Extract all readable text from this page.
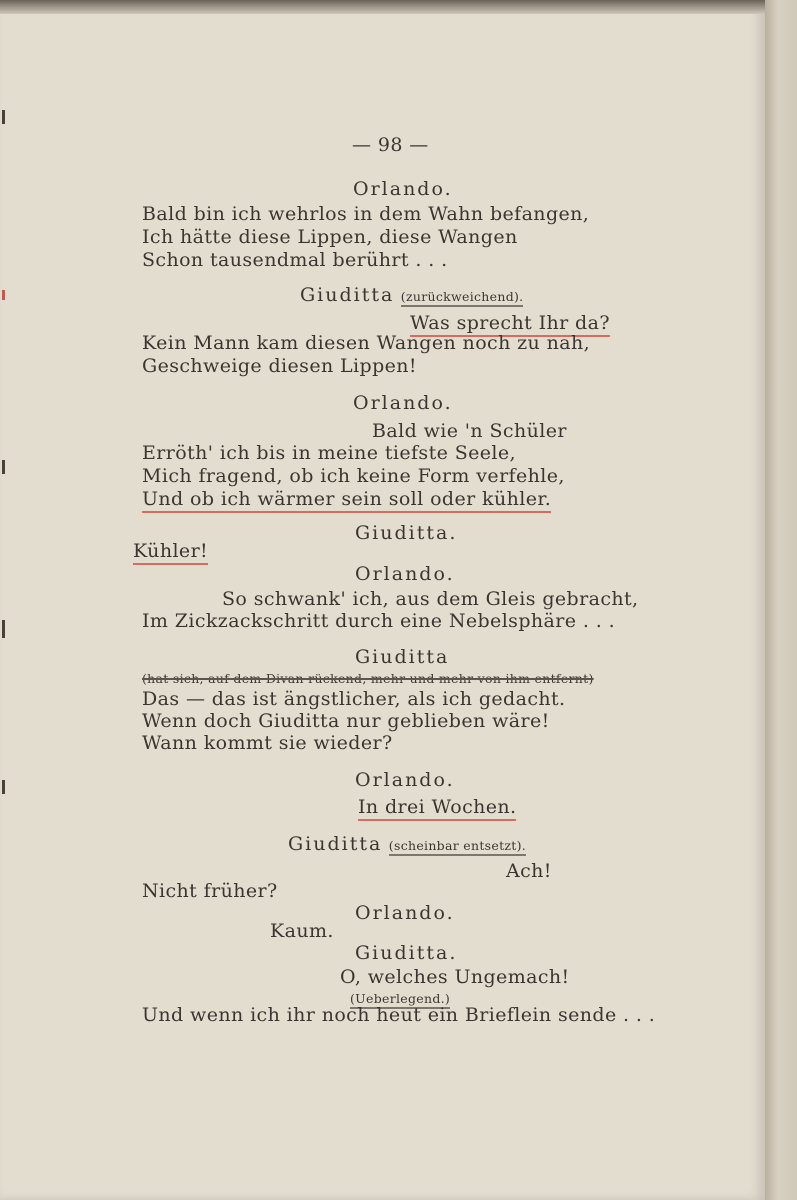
— 98 —
Orlando.
Bald bin ich wehrlos in dem Wahn befangen,
Ich hätte diese Lippen, diese Wangen
Schon tausendmal berührt . . .
Giuditta (zurückweichend).
Was sprecht Ihr da?
Kein Mann kam diesen Wangen noch zu nah,
Geschweige diesen Lippen!
Orlando.
Bald wie 'n Schüler
Erröth' ich bis in meine tiefste Seele,
Mich fragend, ob ich keine Form verfehle,
Und ob ich wärmer sein soll oder kühler.
Giuditta.
Kühler!
Orlando.
So schwank' ich, aus dem Gleis gebracht,
Im Zickzackschritt durch eine Nebelsphäre . . .
Giuditta
(hat sich, auf dem Divan rückend, mehr und mehr von ihm entfernt)
Das — das ist ängstlicher, als ich gedacht.
Wenn doch Giuditta nur geblieben wäre!
Wann kommt sie wieder?
Orlando.
In drei Wochen.
Giuditta (scheinbar entsetzt).
Ach!
Nicht früher?
Orlando.
Kaum.
Giuditta.
O, welches Ungemach!
(Ueberlegend.)
Und wenn ich ihr noch heut ein Brieflein sende . . .
